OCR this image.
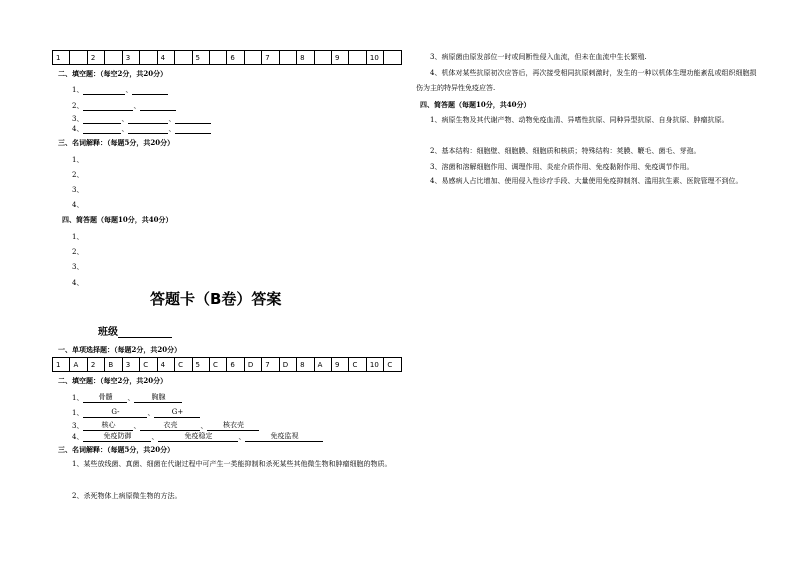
1		2		3		4		5		6		7		8		9		10	
二、填空题：（每空2分，共20分）
1、	、
2、	、
3、	、	、
4、	、	、
三、名词解释：（每题5分，共20分）
1、
2、
3、
4、
四、简答题（每题10分，共40分）
1、
2、
3、
4、
答题卡（B卷）答案
班级
一、单项选择题：（每题2分，共20分）
1	A	2	B	3	C	4	C	5	C	6	D	7	D	8	A	9	C	10	C
二、填空题：（每空2分，共20分）
1、 骨髓 、 胸腺
1、	G-	、 G+
3、	核心	、	衣壳	、 核衣壳
4、	免疫防御	、	免疫稳定	、	免疫监视
三、名词解释：（每题5分，共20分）
1、某些放线菌、真菌、细菌在代谢过程中可产生一类能抑制和杀死某些其他微生物和肿瘤细胞的物质。
2、杀死物体上病原微生物的方法。
3、病原菌由原发部位一时或间断性侵入血流，但未在血流中生长繁殖.
4、机体对某些抗原初次应答后，再次接受相同抗原刺激时，发生的一种以机体生理功能紊乱或组织细胞损伤为主的特异性免疫应答.
四、简答题（每题10分，共40分）
1、病原生物及其代谢产物、动物免疫血清、异嗜性抗原、同种异型抗原、自身抗原、肿瘤抗原。
2、基本结构：细胞壁、细胞膜、细胞质和核质；特殊结构：荚膜、鞭毛、菌毛、芽孢。
3、溶菌和溶解细胞作用、调理作用、炎症介质作用、免疫黏附作用、免疫调节作用。
4、易感病人占比增加、使用侵入性诊疗手段、大量使用免疫抑制剂、滥用抗生素、医院管理不到位。
